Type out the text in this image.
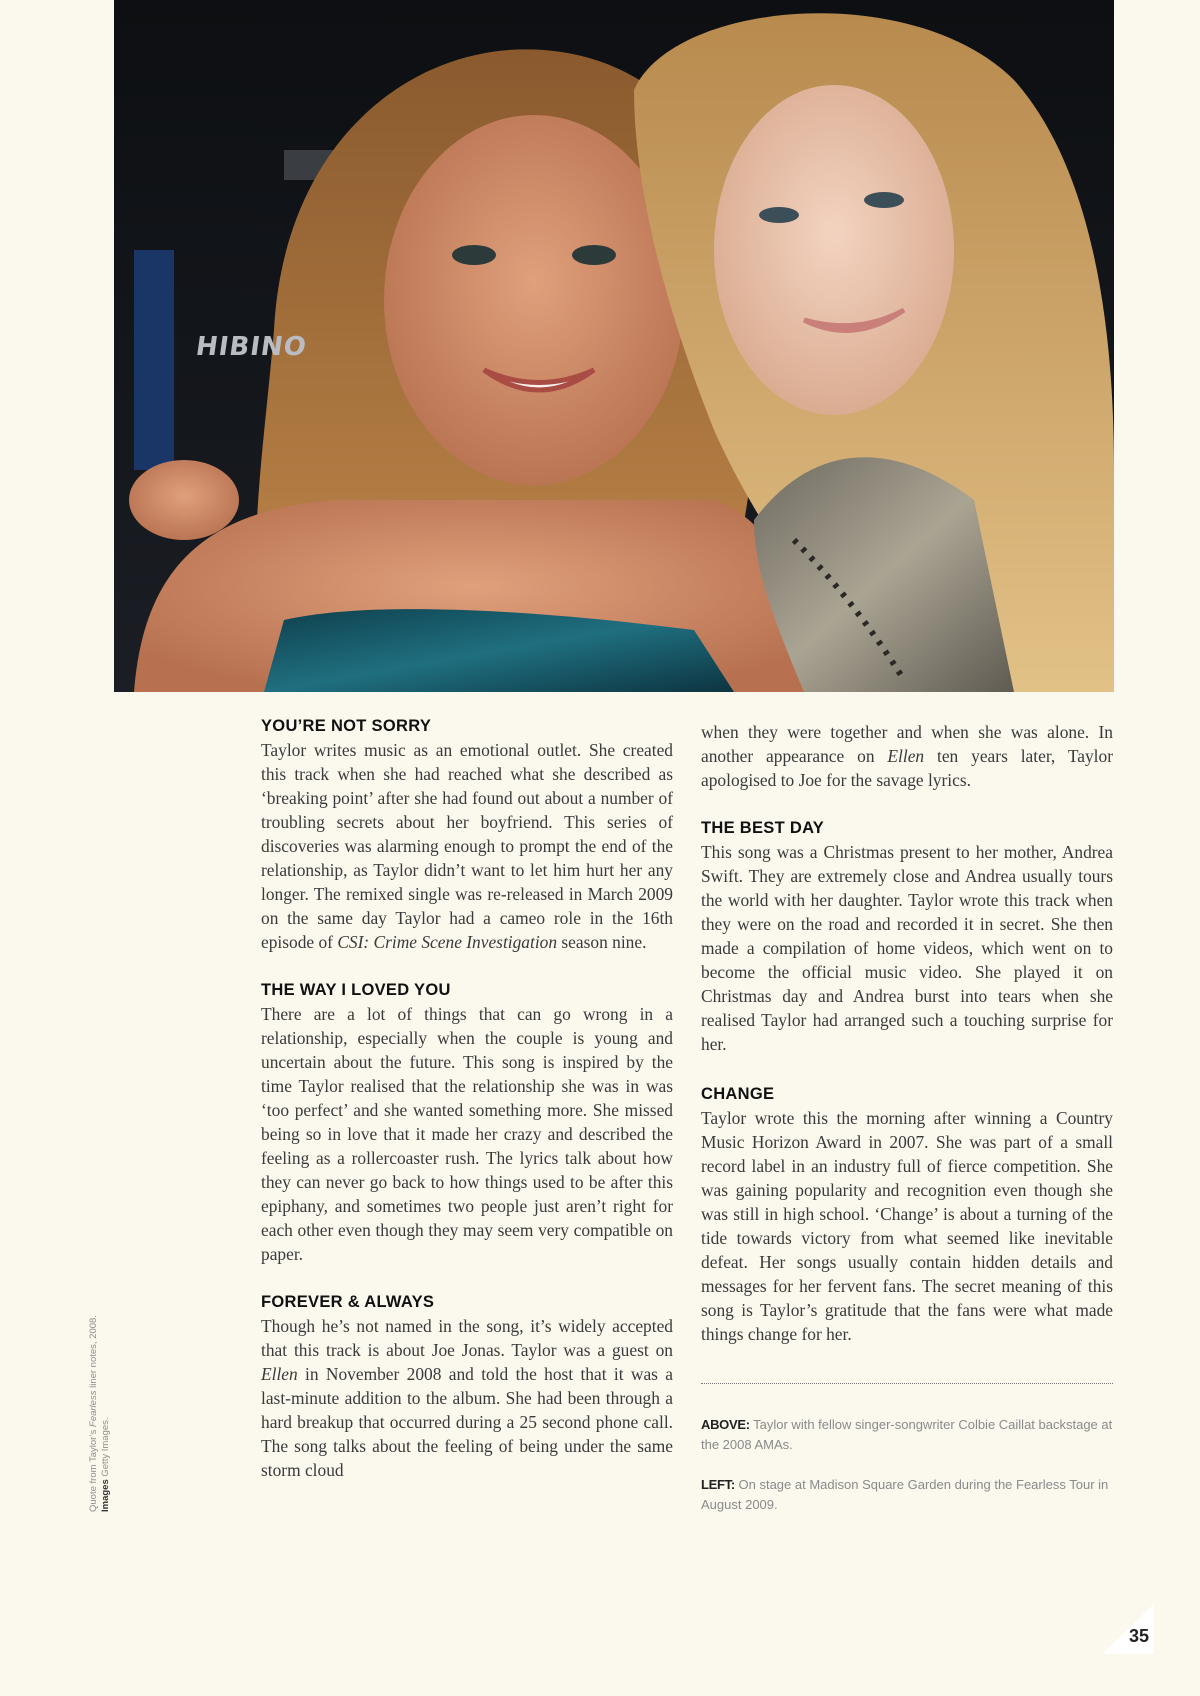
HIBINO
YOU’RE NOT SORRY

Taylor writes music as an emotional outlet. She created this track when she had reached what she described as ‘breaking point’ after she had found out about a number of troubling secrets about her boyfriend. This series of discoveries was alarming enough to prompt the end of the relationship, as Taylor didn’t want to let him hurt her any longer. The remixed single was re-released in March 2009 on the same day Taylor had a cameo role in the 16th episode of CSI: Crime Scene Investigation season nine.

THE WAY I LOVED YOU

There are a lot of things that can go wrong in a relationship, especially when the couple is young and uncertain about the future. This song is inspired by the time Taylor realised that the relationship she was in was ‘too perfect’ and she wanted something more. She missed being so in love that it made her crazy and described the feeling as a rollercoaster rush. The lyrics talk about how they can never go back to how things used to be after this epiphany, and sometimes two people just aren’t right for each other even though they may seem very compatible on paper.

FOREVER & ALWAYS

Though he’s not named in the song, it’s widely accepted that this track is about Joe Jonas. Taylor was a guest on Ellen in November 2008 and told the host that it was a last-minute addition to the album. She had been through a hard breakup that occurred during a 25 second phone call. The song talks about the feeling of being under the same storm cloud

when they were together and when she was alone. In another appearance on Ellen ten years later, Taylor apologised to Joe for the savage lyrics.

THE BEST DAY

This song was a Christmas present to her mother, Andrea Swift. They are extremely close and Andrea usually tours the world with her daughter. Taylor wrote this track when they were on the road and recorded it in secret. She then made a compilation of home videos, which went on to become the official music video. She played it on Christmas day and Andrea burst into tears when she realised Taylor had arranged such a touching surprise for her.

CHANGE

Taylor wrote this the morning after winning a Country Music Horizon Award in 2007. She was part of a small record label in an industry full of fierce competition. She was gaining popularity and recognition even though she was still in high school. ‘Change’ is about a turning of the tide towards victory from what seemed like inevitable defeat. Her songs usually contain hidden details and messages for her fervent fans. The secret meaning of this song is Taylor’s gratitude that the fans were what made things change for her.

ABOVE: Taylor with fellow singer-songwriter Colbie Caillat backstage at the 2008 AMAs.

LEFT: On stage at Madison Square Garden during the Fearless Tour in August 2009.

Quote from Taylor’s Fearless liner notes, 2008.
Images Getty Images.
35
